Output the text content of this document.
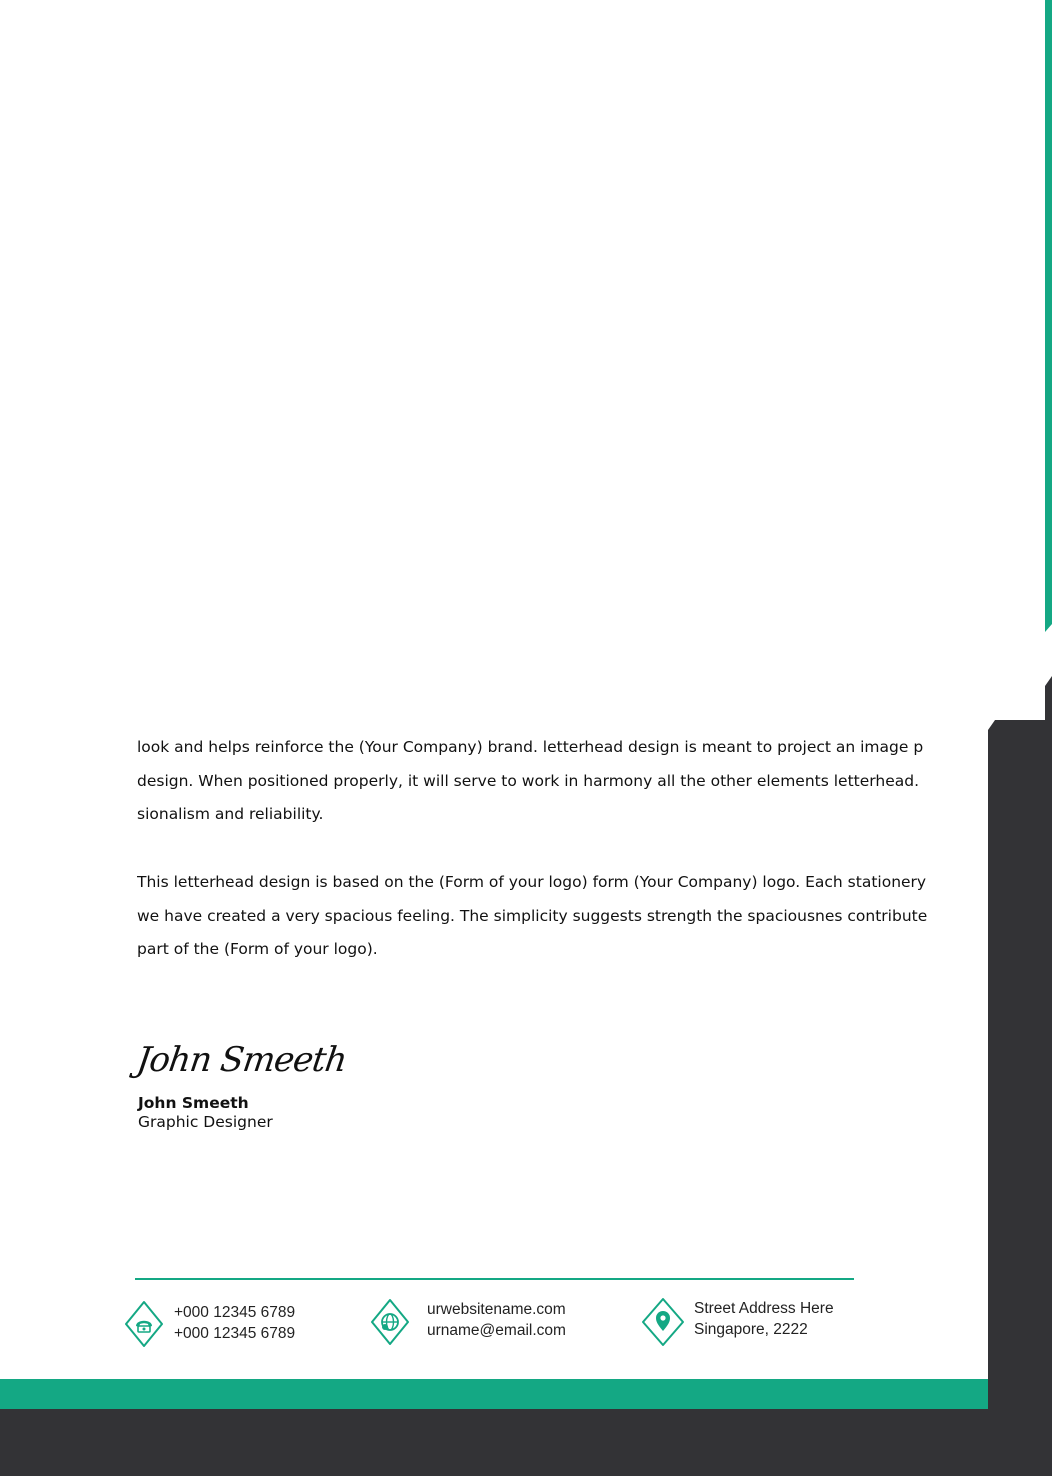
look and helps reinforce the (Your Company) brand. letterhead design is meant to project an image p
design. When positioned properly, it will serve to work in harmony all the other elements letterhead.
sionalism and reliability.

This letterhead design is based on the (Form of your logo) form (Your Company) logo. Each stationery
we have created a very spacious feeling. The simplicity suggests strength the spaciousnes contribute
part of the (Form of your logo).

John Smeeth
John Smeeth
Graphic Designer
+000 12345 6789
+000 12345 6789
urwebsitename.com
urname@email.com
Street Address Here
Singapore, 2222
